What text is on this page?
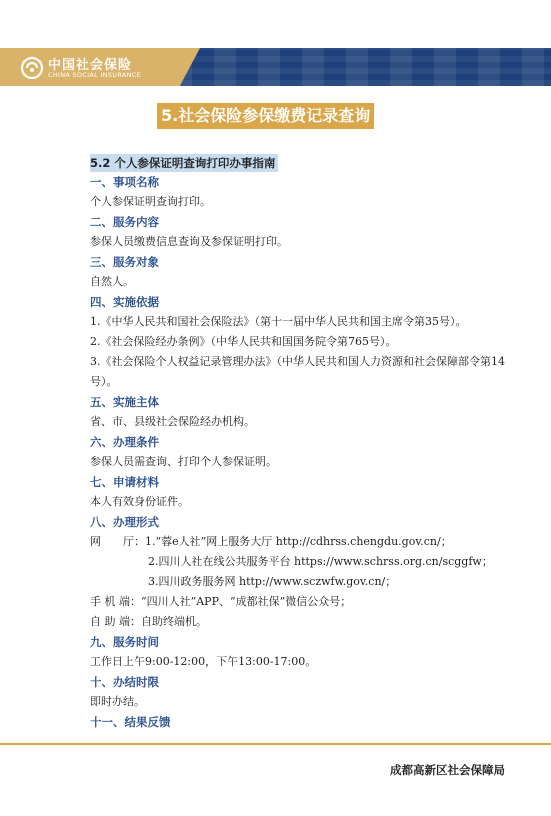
中国社会保险
CHINA SOCIAL INSURANCE
5.社会保险参保缴费记录查询
5.2 个人参保证明查询打印办事指南
一、事项名称
个人参保证明查询打印。
二、服务内容
参保人员缴费信息查询及参保证明打印。
三、服务对象
自然人。
四、实施依据
1.《中华人民共和国社会保险法》（第十一届中华人民共和国主席令第35号）。
2.《社会保险经办条例》（中华人民共和国国务院令第765号）。
3.《社会保险个人权益记录管理办法》（中华人民共和国人力资源和社会保障部令第14号）。
五、实施主体
省、市、县级社会保险经办机构。
六、办理条件
参保人员需查询、打印个人参保证明。
七、申请材料
本人有效身份证件。
八、办理形式
网　　厅：1.“蓉e人社”网上服务大厅 http://cdhrss.chengdu.gov.cn/；
2.四川人社在线公共服务平台 https://www.schrss.org.cn/scggfw；
3.四川政务服务网 http://www.sczwfw.gov.cn/；
手 机 端：“四川人社”APP、“成都社保”微信公众号；
自 助 端：自助终端机。
九、服务时间
工作日上午9:00-12:00，下午13:00-17:00。
十、办结时限
即时办结。
十一、结果反馈
成都高新区社会保障局
